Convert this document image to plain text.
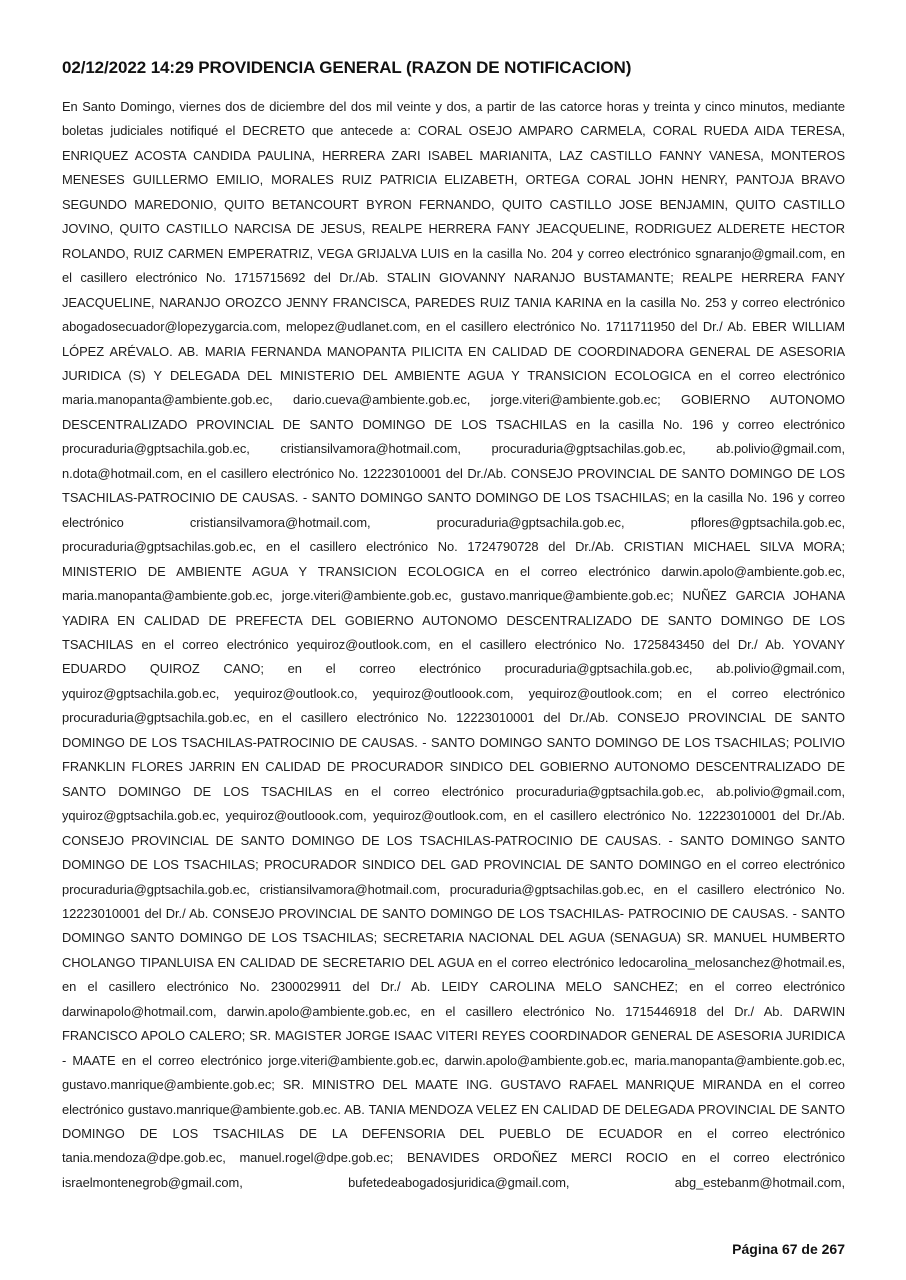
02/12/2022 14:29 PROVIDENCIA GENERAL (RAZON DE NOTIFICACION)

En Santo Domingo, viernes dos de diciembre del dos mil veinte y dos, a partir de las catorce horas y treinta y cinco minutos, mediante boletas judiciales notifiqué el DECRETO que antecede a: CORAL OSEJO AMPARO CARMELA, CORAL RUEDA AIDA TERESA, ENRIQUEZ ACOSTA CANDIDA PAULINA, HERRERA ZARI ISABEL MARIANITA, LAZ CASTILLO FANNY VANESA, MONTEROS MENESES GUILLERMO EMILIO, MORALES RUIZ PATRICIA ELIZABETH, ORTEGA CORAL JOHN HENRY, PANTOJA BRAVO SEGUNDO MAREDONIO, QUITO BETANCOURT BYRON FERNANDO, QUITO CASTILLO JOSE BENJAMIN, QUITO CASTILLO JOVINO, QUITO CASTILLO NARCISA DE JESUS, REALPE HERRERA FANY JEACQUELINE, RODRIGUEZ ALDERETE HECTOR ROLANDO, RUIZ CARMEN EMPERATRIZ, VEGA GRIJALVA LUIS en la casilla No. 204 y correo electrónico sgnaranjo@gmail.com, en el casillero electrónico No. 1715715692 del Dr./Ab. STALIN GIOVANNY NARANJO BUSTAMANTE; REALPE HERRERA FANY JEACQUELINE, NARANJO OROZCO JENNY FRANCISCA, PAREDES RUIZ TANIA KARINA en la casilla No. 253 y correo electrónico abogadosecuador@lopezygarcia.com, melopez@udlanet.com, en el casillero electrónico No. 1711711950 del Dr./ Ab. EBER WILLIAM LÓPEZ ARÉVALO. AB. MARIA FERNANDA MANOPANTA PILICITA EN CALIDAD DE COORDINADORA GENERAL DE ASESORIA JURIDICA (S) Y DELEGADA DEL MINISTERIO DEL AMBIENTE AGUA Y TRANSICION ECOLOGICA en el correo electrónico maria.manopanta@ambiente.gob.ec, dario.cueva@ambiente.gob.ec, jorge.viteri@ambiente.gob.ec; GOBIERNO AUTONOMO DESCENTRALIZADO PROVINCIAL DE SANTO DOMINGO DE LOS TSACHILAS en la casilla No. 196 y correo electrónico procuraduria@gptsachila.gob.ec, cristiansilvamora@hotmail.com, procuraduria@gptsachilas.gob.ec, ab.polivio@gmail.com, n.dota@hotmail.com, en el casillero electrónico No. 12223010001 del Dr./Ab. CONSEJO PROVINCIAL DE SANTO DOMINGO DE LOS TSACHILAS-PATROCINIO DE CAUSAS. - SANTO DOMINGO SANTO DOMINGO DE LOS TSACHILAS; en la casilla No. 196 y correo electrónico cristiansilvamora@hotmail.com, procuraduria@gptsachila.gob.ec, pflores@gptsachila.gob.ec, procuraduria@gptsachilas.gob.ec, en el casillero electrónico No. 1724790728 del Dr./Ab. CRISTIAN MICHAEL SILVA MORA; MINISTERIO DE AMBIENTE AGUA Y TRANSICION ECOLOGICA en el correo electrónico darwin.apolo@ambiente.gob.ec, maria.manopanta@ambiente.gob.ec, jorge.viteri@ambiente.gob.ec, gustavo.manrique@ambiente.gob.ec; NUÑEZ GARCIA JOHANA YADIRA EN CALIDAD DE PREFECTA DEL GOBIERNO AUTONOMO DESCENTRALIZADO DE SANTO DOMINGO DE LOS TSACHILAS en el correo electrónico yequiroz@outlook.com, en el casillero electrónico No. 1725843450 del Dr./ Ab. YOVANY EDUARDO QUIROZ CANO; en el correo electrónico procuraduria@gptsachila.gob.ec, ab.polivio@gmail.com, yquiroz@gptsachila.gob.ec, yequiroz@outlook.co, yequiroz@outloook.com, yequiroz@outlook.com; en el correo electrónico procuraduria@gptsachila.gob.ec, en el casillero electrónico No. 12223010001 del Dr./Ab. CONSEJO PROVINCIAL DE SANTO DOMINGO DE LOS TSACHILAS-PATROCINIO DE CAUSAS. - SANTO DOMINGO SANTO DOMINGO DE LOS TSACHILAS; POLIVIO FRANKLIN FLORES JARRIN EN CALIDAD DE PROCURADOR SINDICO DEL GOBIERNO AUTONOMO DESCENTRALIZADO DE SANTO DOMINGO DE LOS TSACHILAS en el correo electrónico procuraduria@gptsachila.gob.ec, ab.polivio@gmail.com, yquiroz@gptsachila.gob.ec, yequiroz@outloook.com, yequiroz@outlook.com, en el casillero electrónico No. 12223010001 del Dr./Ab. CONSEJO PROVINCIAL DE SANTO DOMINGO DE LOS TSACHILAS-PATROCINIO DE CAUSAS. - SANTO DOMINGO SANTO DOMINGO DE LOS TSACHILAS; PROCURADOR SINDICO DEL GAD PROVINCIAL DE SANTO DOMINGO en el correo electrónico procuraduria@gptsachila.gob.ec, cristiansilvamora@hotmail.com, procuraduria@gptsachilas.gob.ec, en el casillero electrónico No. 12223010001 del Dr./ Ab. CONSEJO PROVINCIAL DE SANTO DOMINGO DE LOS TSACHILAS- PATROCINIO DE CAUSAS. - SANTO DOMINGO SANTO DOMINGO DE LOS TSACHILAS; SECRETARIA NACIONAL DEL AGUA (SENAGUA) SR. MANUEL HUMBERTO CHOLANGO TIPANLUISA EN CALIDAD DE SECRETARIO DEL AGUA en el correo electrónico ledocarolina_melosanchez@hotmail.es, en el casillero electrónico No. 2300029911 del Dr./ Ab. LEIDY CAROLINA MELO SANCHEZ; en el correo electrónico darwinapolo@hotmail.com, darwin.apolo@ambiente.gob.ec, en el casillero electrónico No. 1715446918 del Dr./ Ab. DARWIN FRANCISCO APOLO CALERO; SR. MAGISTER JORGE ISAAC VITERI REYES COORDINADOR GENERAL DE ASESORIA JURIDICA - MAATE en el correo electrónico jorge.viteri@ambiente.gob.ec, darwin.apolo@ambiente.gob.ec, maria.manopanta@ambiente.gob.ec, gustavo.manrique@ambiente.gob.ec; SR. MINISTRO DEL MAATE ING. GUSTAVO RAFAEL MANRIQUE MIRANDA en el correo electrónico gustavo.manrique@ambiente.gob.ec. AB. TANIA MENDOZA VELEZ EN CALIDAD DE DELEGADA PROVINCIAL DE SANTO DOMINGO DE LOS TSACHILAS DE LA DEFENSORIA DEL PUEBLO DE ECUADOR en el correo electrónico tania.mendoza@dpe.gob.ec, manuel.rogel@dpe.gob.ec; BENAVIDES ORDOÑEZ MERCI ROCIO en el correo electrónico israelmontenegrob@gmail.com, bufetedeabogadosjuridica@gmail.com, abg_estebanm@hotmail.com,

Página 67 de 267
